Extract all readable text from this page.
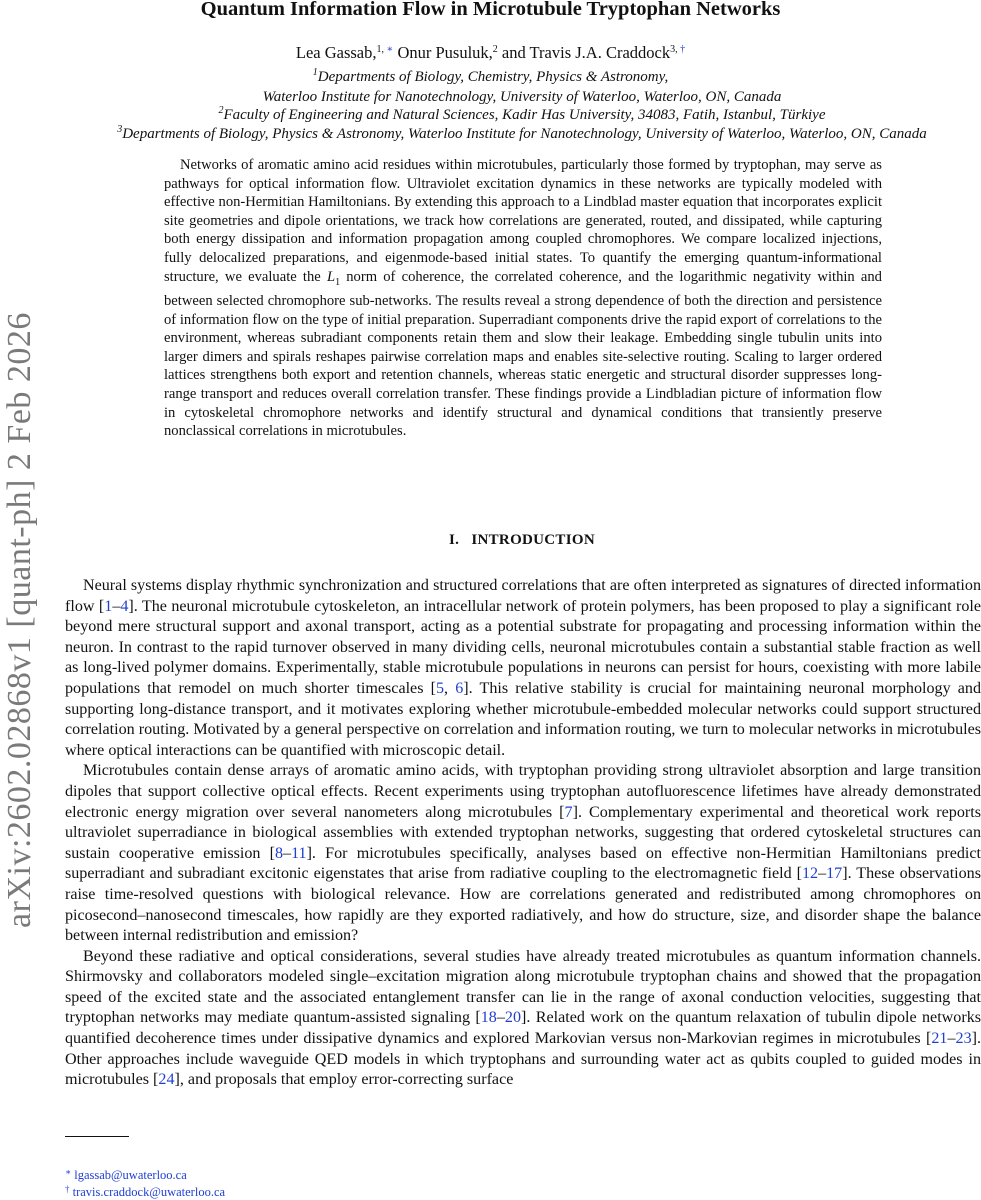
arXiv:2602.02868v1 [quant-ph] 2 Feb 2026
Quantum Information Flow in Microtubule Tryptophan Networks
Lea Gassab,$^{1, ∗}$ Onur Pusuluk,$^2$ and Travis J.A. Craddock$^{3, \dagger}$
$^1$Departments of Biology, Chemistry, Physics & Astronomy,
Waterloo Institute for Nanotechnology, University of Waterloo, Waterloo, ON, Canada
$^2$Faculty of Engineering and Natural Sciences, Kadir Has University, 34083, Fatih, Istanbul, Türkiye
$^3$Departments of Biology, Physics & Astronomy, Waterloo Institute for Nanotechnology, University of Waterloo, Waterloo, ON, Canada
Networks of aromatic amino acid residues within microtubules, particularly those formed by tryptophan, may serve as pathways for optical information flow. Ultraviolet excitation dynamics in these networks are typically modeled with effective non-Hermitian Hamiltonians. By extending this approach to a Lindblad master equation that incorporates explicit site geometries and dipole orientations, we track how correlations are generated, routed, and dissipated, while capturing both energy dissipation and information propagation among coupled chromophores. We compare localized injections, fully delocalized preparations, and eigenmode-based initial states. To quantify the emerging quantum-informational structure, we evaluate the $L_1$ norm of coherence, the correlated coherence, and the logarithmic negativity within and between selected chromophore sub-networks. The results reveal a strong dependence of both the direction and persistence of information flow on the type of initial preparation. Superradiant components drive the rapid export of correlations to the environment, whereas subradiant components retain them and slow their leakage. Embedding single tubulin units into larger dimers and spirals reshapes pairwise correlation maps and enables site-selective routing. Scaling to larger ordered lattices strengthens both export and retention channels, whereas static energetic and structural disorder suppresses long-range transport and reduces overall correlation transfer. These findings provide a Lindbladian picture of information flow in cytoskeletal chromophore networks and identify structural and dynamical conditions that transiently preserve nonclassical correlations in microtubules.
I. INTRODUCTION

Neural systems display rhythmic synchronization and structured correlations that are often interpreted as signatures of directed information flow [1–4]. The neuronal microtubule cytoskeleton, an intracellular network of protein polymers, has been proposed to play a significant role beyond mere structural support and axonal transport, acting as a potential substrate for propagating and processing information within the neuron. In contrast to the rapid turnover observed in many dividing cells, neuronal microtubules contain a substantial stable fraction as well as long-lived polymer domains. Experimentally, stable microtubule populations in neurons can persist for hours, coexisting with more labile populations that remodel on much shorter timescales [5, 6]. This relative stability is crucial for maintaining neuronal morphology and supporting long-distance transport, and it motivates exploring whether microtubule-embedded molecular networks could support structured correlation routing. Motivated by a general perspective on correlation and information routing, we turn to molecular networks in microtubules where optical interactions can be quantified with microscopic detail.

Microtubules contain dense arrays of aromatic amino acids, with tryptophan providing strong ultraviolet absorption and large transition dipoles that support collective optical effects. Recent experiments using tryptophan autofluorescence lifetimes have already demonstrated electronic energy migration over several nanometers along microtubules [7]. Complementary experimental and theoretical work reports ultraviolet superradiance in biological assemblies with extended tryptophan networks, suggesting that ordered cytoskeletal structures can sustain cooperative emission [8–11]. For microtubules specifically, analyses based on effective non-Hermitian Hamiltonians predict superradiant and subradiant excitonic eigenstates that arise from radiative coupling to the electromagnetic field [12–17]. These observations raise time-resolved questions with biological relevance. How are correlations generated and redistributed among chromophores on picosecond–nanosecond timescales, how rapidly are they exported radiatively, and how do structure, size, and disorder shape the balance between internal redistribution and emission?

Beyond these radiative and optical considerations, several studies have already treated microtubules as quantum information channels. Shirmovsky and collaborators modeled single–excitation migration along microtubule tryptophan chains and showed that the propagation speed of the excited state and the associated entanglement transfer can lie in the range of axonal conduction velocities, suggesting that tryptophan networks may mediate quantum-assisted signaling [18–20]. Related work on the quantum relaxation of tubulin dipole networks quantified decoherence times under dissipative dynamics and explored Markovian versus non-Markovian regimes in microtubules [21–23]. Other approaches include waveguide QED models in which tryptophans and surrounding water act as qubits coupled to guided modes in microtubules [24], and proposals that employ error-correcting surface

∗ lgassab@uwaterloo.ca
† travis.craddock@uwaterloo.ca
